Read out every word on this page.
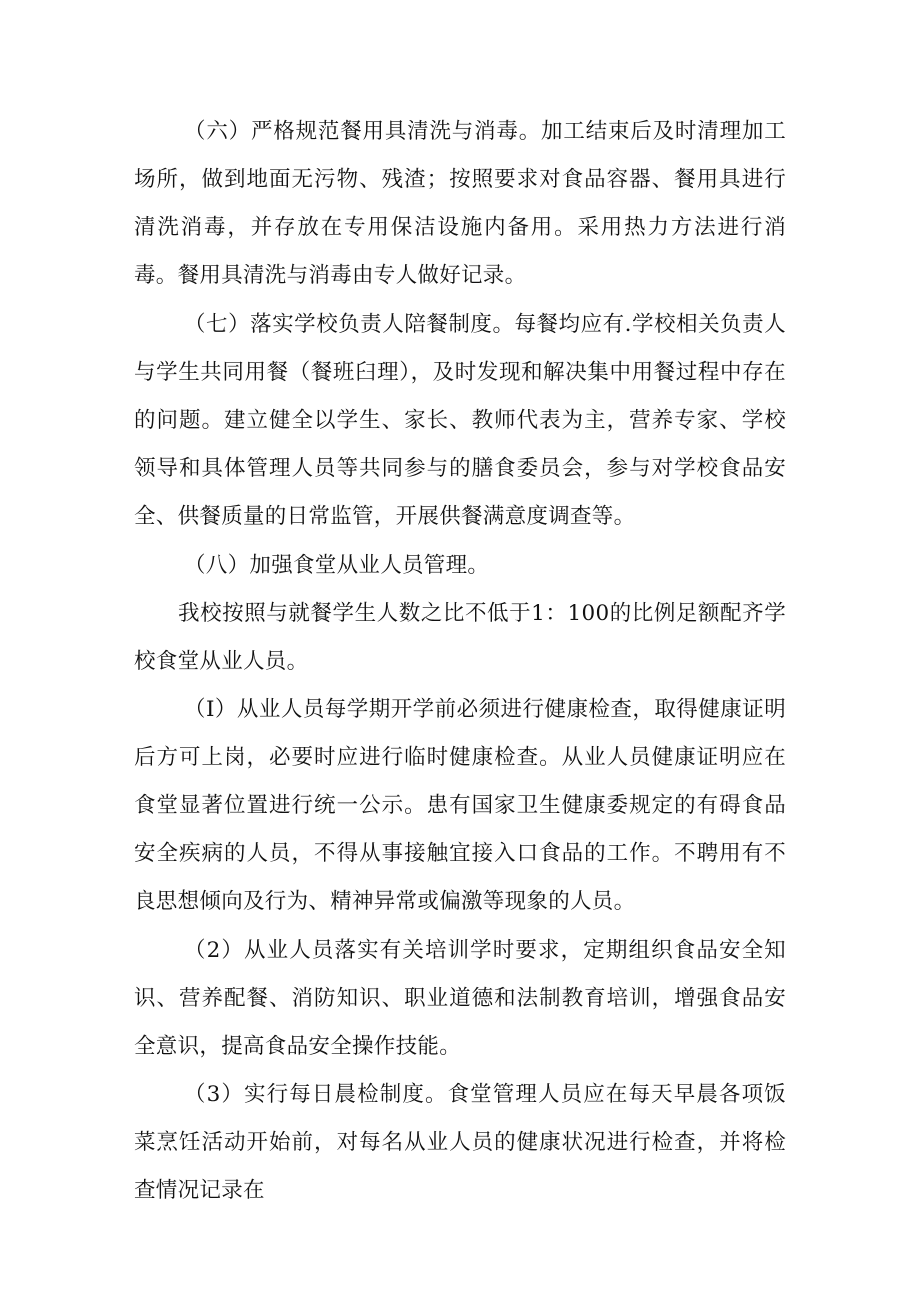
（六）严格规范餐用具清洗与消毒。加工结束后及时清理加工场所，做到地面无污物、残渣；按照要求对食品容器、餐用具进行清洗消毒，并存放在专用保洁设施内备用。采用热力方法进行消毒。餐用具清洗与消毒由专人做好记录。

（七）落实学校负责人陪餐制度。每餐均应有.学校相关负责人与学生共同用餐（餐班臼理），及时发现和解决集中用餐过程中存在的问题。建立健全以学生、家长、教师代表为主，营养专家、学校领导和具体管理人员等共同参与的膳食委员会，参与对学校食品安全、供餐质量的日常监管，开展供餐满意度调查等。

（八）加强食堂从业人员管理。

我校按照与就餐学生人数之比不低于1：100的比例足额配齐学校食堂从业人员。

（I）从业人员每学期开学前必须进行健康检查，取得健康证明后方可上岗，必要时应进行临时健康检查。从业人员健康证明应在食堂显著位置进行统一公示。患有国家卫生健康委规定的有碍食品安全疾病的人员，不得从事接触宜接入口食品的工作。不聘用有不良思想倾向及行为、精神异常或偏激等现象的人员。

（2）从业人员落实有关培训学时要求，定期组织食品安全知识、营养配餐、消防知识、职业道德和法制教育培训，增强食品安全意识，提高食品安全操作技能。

（3）实行每日晨检制度。食堂管理人员应在每天早晨各项饭菜烹饪活动开始前，对每名从业人员的健康状况进行检查，并将检查情况记录在
